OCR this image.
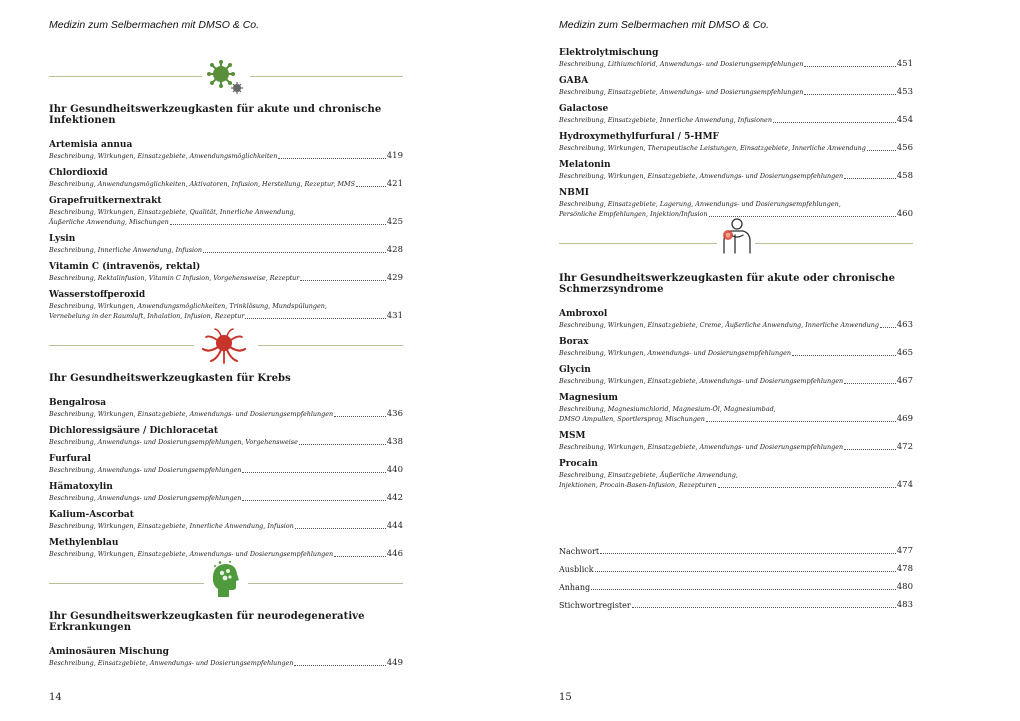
Medizin zum Selbermachen mit DMSO & Co.
Ihr Gesundheitswerkzeugkasten für akute und chronische Infektionen
Artemisia annua
Beschreibung, Wirkungen, Einsatzgebiete, Anwendungsmöglichkeiten	419
Chlordioxid
Beschreibung, Anwendungsmöglichkeiten, Aktivatoren, Infusion, Herstellung, Rezeptur, MMS	421
Grapefruitkernextrakt
Beschreibung, Wirkungen, Einsatzgebiete, Qualität, Innerliche Anwendung,
Äußerliche Anwendung, Mischungen	425
Lysin
Beschreibung, Innerliche Anwendung, Infusion	428
Vitamin C (intravenös, rektal)
Beschreibung, Rektalinfusion, Vitamin C Infusion, Vorgehensweise, Rezeptur	429
Wasserstoffperoxid
Beschreibung, Wirkungen, Anwendungsmöglichkeiten, Trinklösung, Mundspülungen,
Vernebelung in der Raumluft, Inhalation, Infusion, Rezeptur	431
Ihr Gesundheitswerkzeugkasten für Krebs
Bengalrosa
Beschreibung, Wirkungen, Einsatzgebiete, Anwendungs- und Dosierungsempfehlungen	436
Dichloressigsäure / Dichloracetat
Beschreibung, Anwendungs- und Dosierungsempfehlungen, Vorgehensweise	438
Furfural
Beschreibung, Anwendungs- und Dosierungsempfehlungen	440
Hämatoxylin
Beschreibung, Anwendungs- und Dosierungsempfehlungen	442
Kalium-Ascorbat
Beschreibung, Wirkungen, Einsatzgebiete, Innerliche Anwendung, Infusion	444
Methylenblau
Beschreibung, Wirkungen, Einsatzgebiete, Anwendungs- und Dosierungsempfehlungen	446
Ihr Gesundheitswerkzeugkasten für neurodegenerative Erkrankungen
Aminosäuren Mischung
Beschreibung, Einsatzgebiete, Anwendungs- und Dosierungsempfehlungen	449
14
Medizin zum Selbermachen mit DMSO & Co.
Elektrolytmischung
Beschreibung, Lithiumchlorid, Anwendungs- und Dosierungsempfehlungen	451
GABA
Beschreibung, Einsatzgebiete, Anwendungs- und Dosierungsempfehlungen	453
Galactose
Beschreibung, Einsatzgebiete, Innerliche Anwendung, Infusionen	454
Hydroxymethylfurfural / 5-HMF
Beschreibung, Wirkungen, Therapeutische Leistungen, Einsatzgebiete, Innerliche Anwendung	456
Melatonin
Beschreibung, Wirkungen, Einsatzgebiete, Anwendungs- und Dosierungsempfehlungen	458
NBMI
Beschreibung, Einsatzgebiete, Lagerung, Anwendungs- und Dosierungsempfehlungen,
Persönliche Empfehlungen, Injektion/Infusion	460
Ihr Gesundheitswerkzeugkasten für akute oder chronische Schmerzsyndrome
Ambroxol
Beschreibung, Wirkungen, Einsatzgebiete, Creme, Äußerliche Anwendung, Innerliche Anwendung 463
Borax
Beschreibung, Wirkungen, Anwendungs- und Dosierungsempfehlungen	465
Glycin
Beschreibung, Wirkungen, Einsatzgebiete, Anwendungs- und Dosierungsempfehlungen	467
Magnesium
Beschreibung, Magnesiumchlorid, Magnesium-Öl, Magnesiumbad,
DMSO Ampullen, Sportlerspray, Mischungen	469
MSM
Beschreibung, Wirkungen, Einsatzgebiete, Anwendungs- und Dosierungsempfehlungen	472
Procain
Beschreibung, Einsatzgebiete, Äußerliche Anwendung,
Injektionen, Procain-Basen-Infusion, Rezepturen	474
Nachwort	477
Ausblick	478
Anhang	480
Stichwortregister	483
15
